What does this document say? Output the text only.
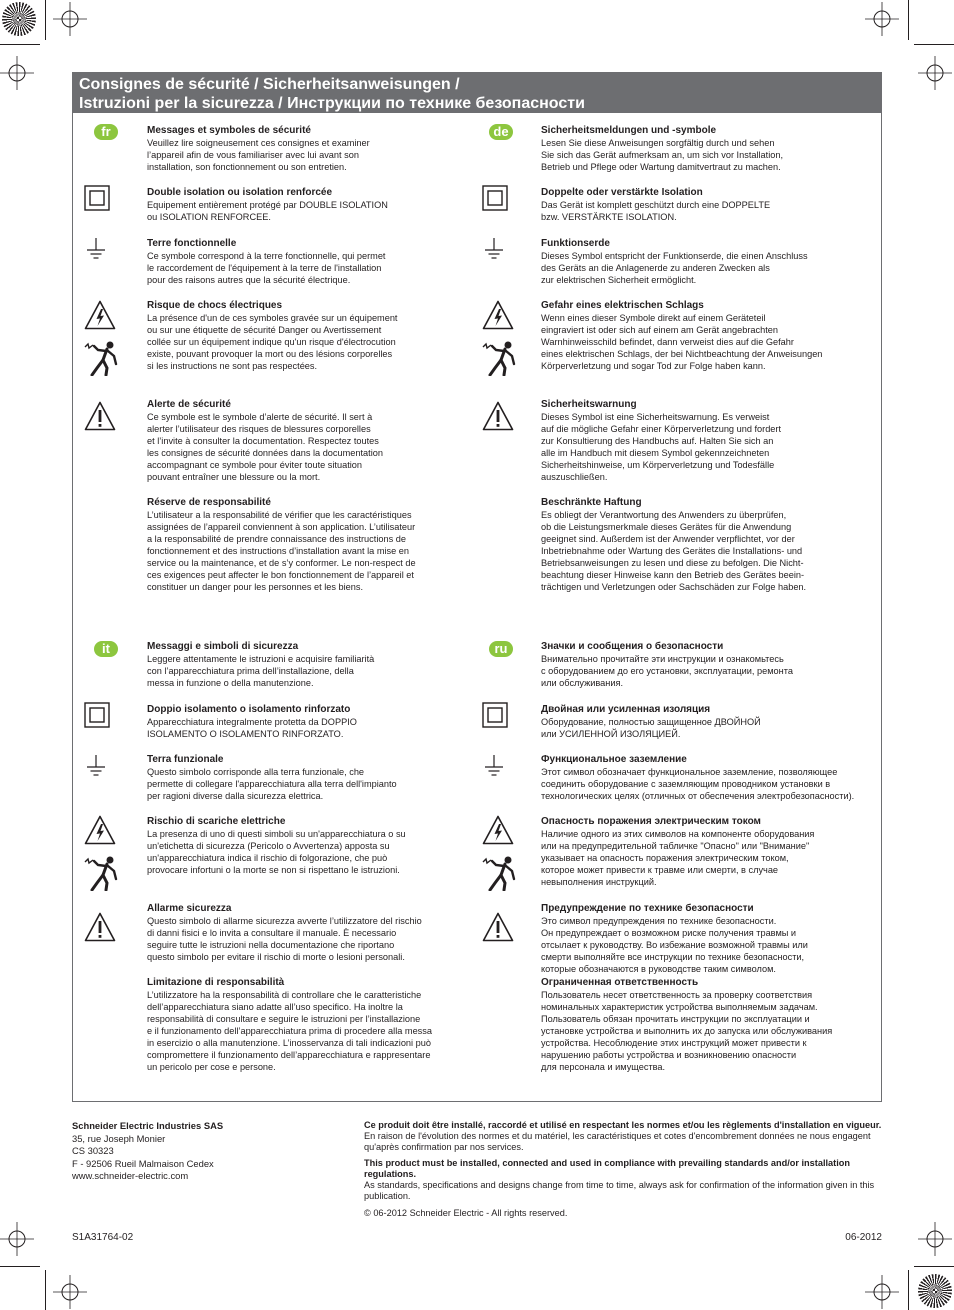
Consignes de sécurité / Sicherheitsanweisungen /
Istruzioni per la sicurezza / Инструкции по технике безопасности
fr	de
it	ru
Messages et symboles de sécurité
Veuillez lire soigneusement ces consignes et examiner
l’appareil afin de vous familiariser avec lui avant son
installation, son fonctionnement ou son entretien.
Double isolation ou isolation renforcée
Equipement entièrement protégé par DOUBLE ISOLATION
ou ISOLATION RENFORCEE.
Terre fonctionnelle
Ce symbole correspond à la terre fonctionnelle, qui permet
le raccordement de l'équipement à la terre de l'installation
pour des raisons autres que la sécurité électrique.
Risque de chocs électriques
La présence d'un de ces symboles gravée sur un équipement
ou sur une étiquette de sécurité Danger ou Avertissement
collée sur un équipement indique qu'un risque d'électrocution
existe, pouvant provoquer la mort ou des lésions corporelles
si les instructions ne sont pas respectées.
Alerte de sécurité
Ce symbole est le symbole d’alerte de sécurité. Il sert à
alerter l’utilisateur des risques de blessures corporelles
et l’invite à consulter la documentation. Respectez toutes
les consignes de sécurité données dans la documentation
accompagnant ce symbole pour éviter toute situation
pouvant entraîner une blessure ou la mort.
Réserve de responsabilité
L’utilisateur a la responsabilité de vérifier que les caractéristiques
assignées de l’appareil conviennent à son application. L’utilisateur
a la responsabilité de prendre connaissance des instructions de
fonctionnement et des instructions d’installation avant la mise en
service ou la maintenance, et de s’y conformer. Le non-respect de
ces exigences peut affecter le bon fonctionnement de l’appareil et
constituer un danger pour les personnes et les biens.
Sicherheitsmeldungen und -symbole
Lesen Sie diese Anweisungen sorgfältig durch und sehen
Sie sich das Gerät aufmerksam an, um sich vor Installation,
Betrieb und Pflege oder Wartung damitvertraut zu machen.
Doppelte oder verstärkte Isolation
Das Gerät ist komplett geschützt durch eine DOPPELTE
bzw. VERSTÄRKTE ISOLATION.
Funktionserde
Dieses Symbol entspricht der Funktionserde, die einen Anschluss
des Geräts an die Anlagenerde zu anderen Zwecken als
zur elektrischen Sicherheit ermöglicht.
Gefahr eines elektrischen Schlags
Wenn eines dieser Symbole direkt auf einem Geräteteil
eingraviert ist oder sich auf einem am Gerät angebrachten
Warnhinweisschild befindet, dann verweist dies auf die Gefahr
eines elektrischen Schlags, der bei Nichtbeachtung der Anweisungen
Körperverletzung und sogar Tod zur Folge haben kann.
Sicherheitswarnung
Dieses Symbol ist eine Sicherheitswarnung. Es verweist
auf die mögliche Gefahr einer Körperverletzung und fordert
zur Konsultierung des Handbuchs auf. Halten Sie sich an
alle im Handbuch mit diesem Symbol gekennzeichneten
Sicherheitshinweise, um Körperverletzung und Todesfälle
auszuschließen.
Beschränkte Haftung
Es obliegt der Verantwortung des Anwenders zu überprüfen,
ob die Leistungsmerkmale dieses Gerätes für die Anwendung
geeignet sind. Außerdem ist der Anwender verpflichtet, vor der
Inbetriebnahme oder Wartung des Gerätes die Installations- und
Betriebsanweisungen zu lesen und diese zu befolgen. Die Nicht-
beachtung dieser Hinweise kann den Betrieb des Gerätes beein-
trächtigen und Verletzungen oder Sachschäden zur Folge haben.
Messaggi e simboli di sicurezza
Leggere attentamente le istruzioni e acquisire familiarità
con l’apparecchiatura prima dell’installazione, della
messa in funzione o della manutenzione.
Doppio isolamento o isolamento rinforzato
Apparecchiatura integralmente protetta da DOPPIO
ISOLAMENTO O ISOLAMENTO RINFORZATO.
Terra funzionale
Questo simbolo corrisponde alla terra funzionale, che
permette di collegare l'apparecchiatura alla terra dell'impianto
per ragioni diverse dalla sicurezza elettrica.
Rischio di scariche elettriche
La presenza di uno di questi simboli su un'apparecchiatura o su
un'etichetta di sicurezza (Pericolo o Avvertenza) apposta su
un'apparecchiatura indica il rischio di folgorazione, che può
provocare infortuni o la morte se non si rispettano le istruzioni.
Allarme sicurezza
Questo simbolo di allarme sicurezza avverte l’utilizzatore del rischio
di danni fisici e lo invita a consultare il manuale. È necessario
seguire tutte le istruzioni nella documentazione che riportano
questo simbolo per evitare il rischio di morte o lesioni personali.
Limitazione di responsabilità
L’utilizzatore ha la responsabilità di controllare che le caratteristiche
dell’apparecchiatura siano adatte all’uso specifico. Ha inoltre la
responsabilità di consultare e seguire le istruzioni per l’installazione
e il funzionamento dell’apparecchiatura prima di procedere alla messa
in esercizio o alla manutenzione. L’inosservanza di tali indicazioni può
compromettere il funzionamento dell’apparecchiatura e rappresentare
un pericolo per cose e persone.
Значки и сообщения о безопасности
Внимательно прочитайте эти инструкции и ознакомьтесь
с оборудованием до его установки, эксплуатации, ремонта
или обслуживания.
Двойная или усиленная изоляция
Оборудование, полностью защищенное ДВОЙНОЙ
или УСИЛЕННОЙ ИЗОЛЯЦИЕЙ.
Функциональное заземление
Этот символ обозначает функциональное заземление, позволяющее
соединить оборудование с заземляющим проводником установки в
технологических целях (отличных от обеспечения электробезопасности).
Опасность поражения электрическим током
Наличие одного из этих символов на компоненте оборудования
или на предупредительной табличке "Опасно" или "Внимание"
указывает на опасность поражения электрическим током,
которое может привести к травме или смерти, в случае
невыполнения инструкций.
Предупреждение по технике безопасности
Это символ предупреждения по технике безопасности.
Он предупреждает о возможном риске получения травмы и
отсылает к руководству. Во избежание возможной травмы или
смерти выполняйте все инструкции по технике безопасности,
которые обозначаются в руководстве таким символом.
Ограниченная ответственность
Пользователь несет ответственность за проверку соответствия
номинальных характеристик устройства выполняемым задачам.
Пользователь обязан прочитать инструкции по эксплуатации и
установке устройства и выполнить их до запуска или обслуживания
устройства. Несоблюдение этих инструкций может привести к
нарушению работы устройства и возникновению опасности
для персонала и имущества.
Schneider Electric Industries SAS
35, rue Joseph Monier
CS 30323
F - 92506 Rueil Malmaison Cedex
www.schneider-electric.com
Ce produit doit être installé, raccordé et utilisé en respectant les normes et/ou les règlements d'installation en vigueur.
En raison de l'évolution des normes et du matériel, les caractéristiques et cotes d'encombrement données ne nous engagent qu'après confirmation par nos services.
This product must be installed, connected and used in compliance with prevailing standards and/or installation regulations.
As standards, specifications and designs change from time to time, always ask for confirmation of the information given in this publication.
© 06-2012 Schneider Electric - All rights reserved.
S1A31764-02	06-2012
